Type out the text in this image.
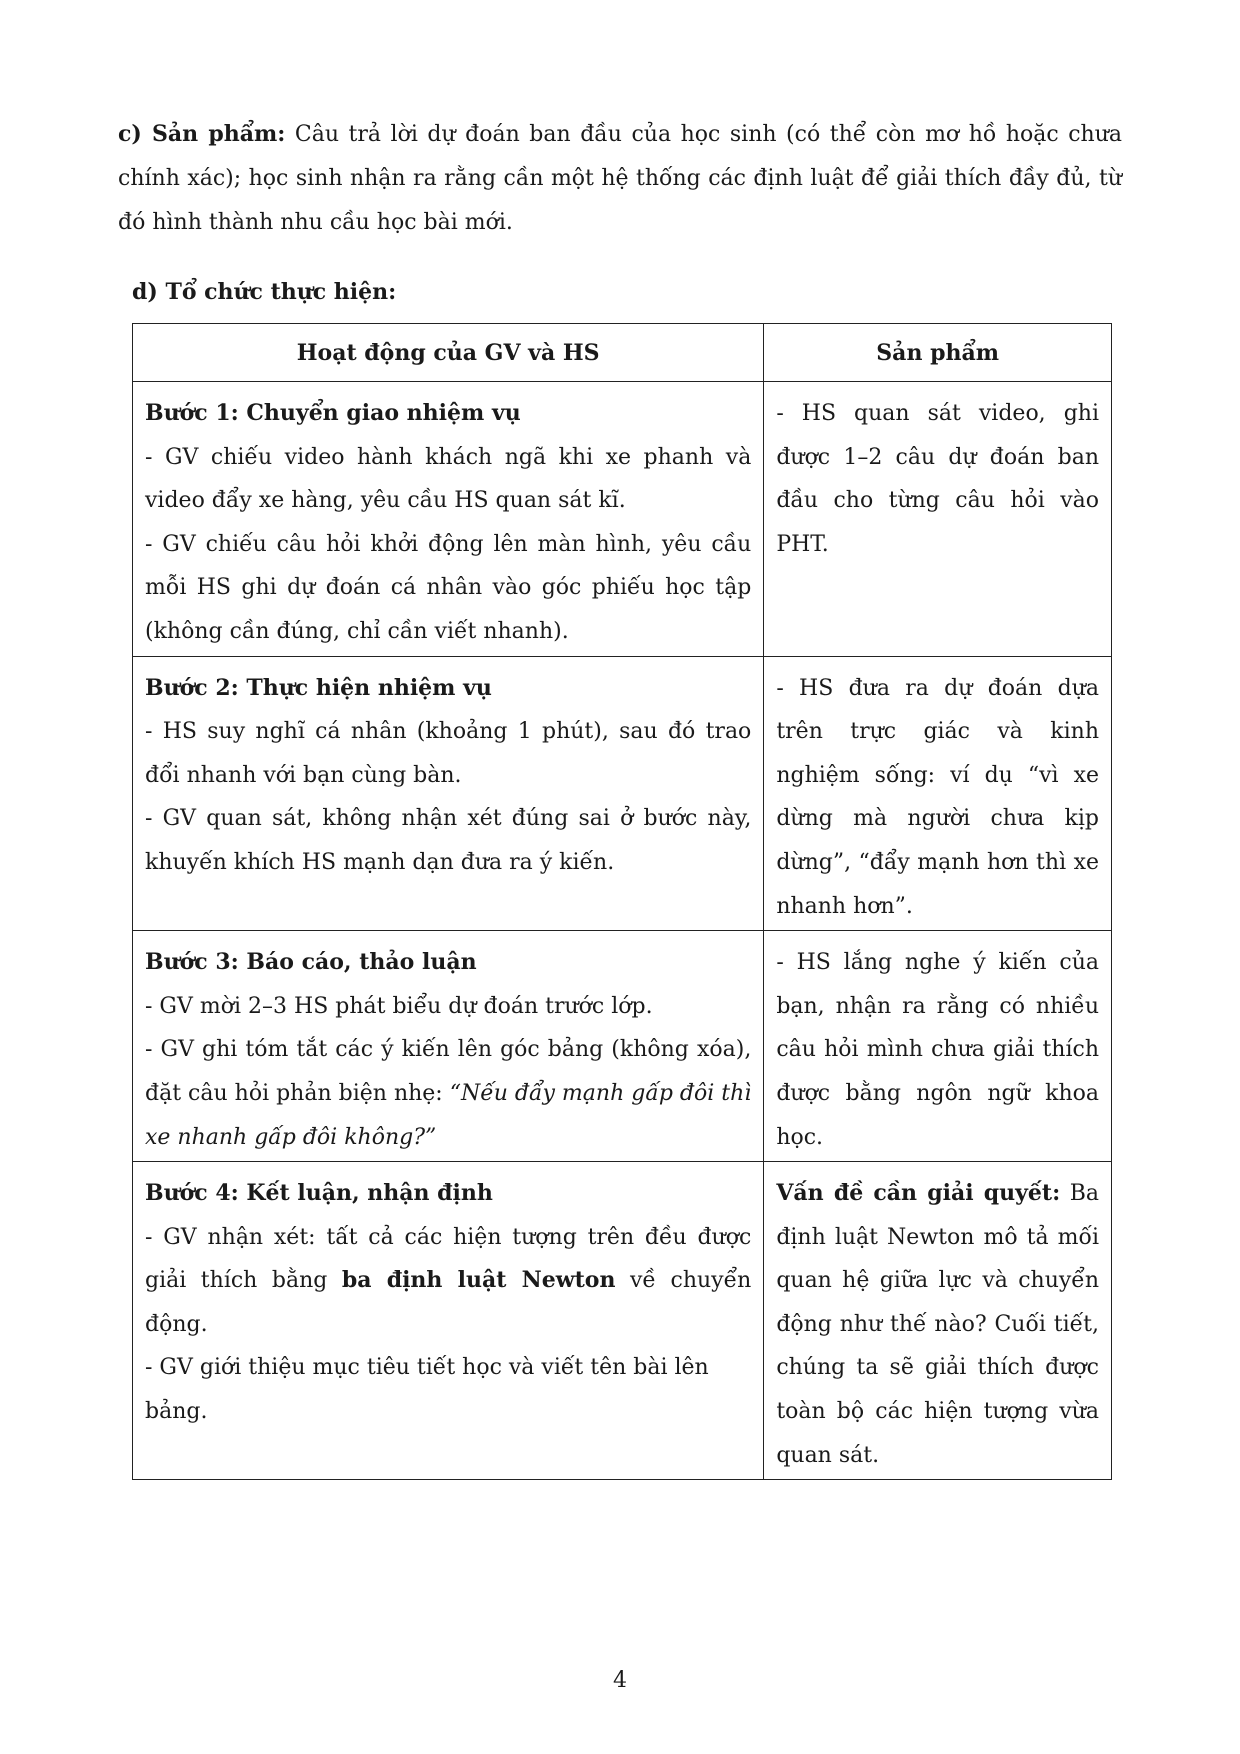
c) Sản phẩm: Câu trả lời dự đoán ban đầu của học sinh (có thể còn mơ hồ hoặc chưa chính xác); học sinh nhận ra rằng cần một hệ thống các định luật để giải thích đầy đủ, từ đó hình thành nhu cầu học bài mới.

d) Tổ chức thực hiện:
Hoạt động của GV và HS	Sản phẩm

Bước 1: Chuyển giao nhiệm vụ
- GV chiếu video hành khách ngã khi xe phanh và video đẩy xe hàng, yêu cầu HS quan sát kĩ.
- GV chiếu câu hỏi khởi động lên màn hình, yêu cầu mỗi HS ghi dự đoán cá nhân vào góc phiếu học tập (không cần đúng, chỉ cần viết nhanh).	- HS quan sát video, ghi được 1–2 câu dự đoán ban đầu cho từng câu hỏi vào PHT.

Bước 2: Thực hiện nhiệm vụ
- HS suy nghĩ cá nhân (khoảng 1 phút), sau đó trao đổi nhanh với bạn cùng bàn.
- GV quan sát, không nhận xét đúng sai ở bước này, khuyến khích HS mạnh dạn đưa ra ý kiến.	- HS đưa ra dự đoán dựa trên trực giác và kinh nghiệm sống: ví dụ “vì xe dừng mà người chưa kịp dừng”, “đẩy mạnh hơn thì xe nhanh hơn”.

Bước 3: Báo cáo, thảo luận
- GV mời 2–3 HS phát biểu dự đoán trước lớp.
- GV ghi tóm tắt các ý kiến lên góc bảng (không xóa), đặt câu hỏi phản biện nhẹ: “Nếu đẩy mạnh gấp đôi thì xe nhanh gấp đôi không?”	- HS lắng nghe ý kiến của bạn, nhận ra rằng có nhiều câu hỏi mình chưa giải thích được bằng ngôn ngữ khoa học.

Bước 4: Kết luận, nhận định
- GV nhận xét: tất cả các hiện tượng trên đều được giải thích bằng ba định luật Newton về chuyển động.
- GV giới thiệu mục tiêu tiết học và viết tên bài lên bảng.	Vấn đề cần giải quyết: Ba định luật Newton mô tả mối quan hệ giữa lực và chuyển động như thế nào? Cuối tiết, chúng ta sẽ giải thích được toàn bộ các hiện tượng vừa quan sát.
4
